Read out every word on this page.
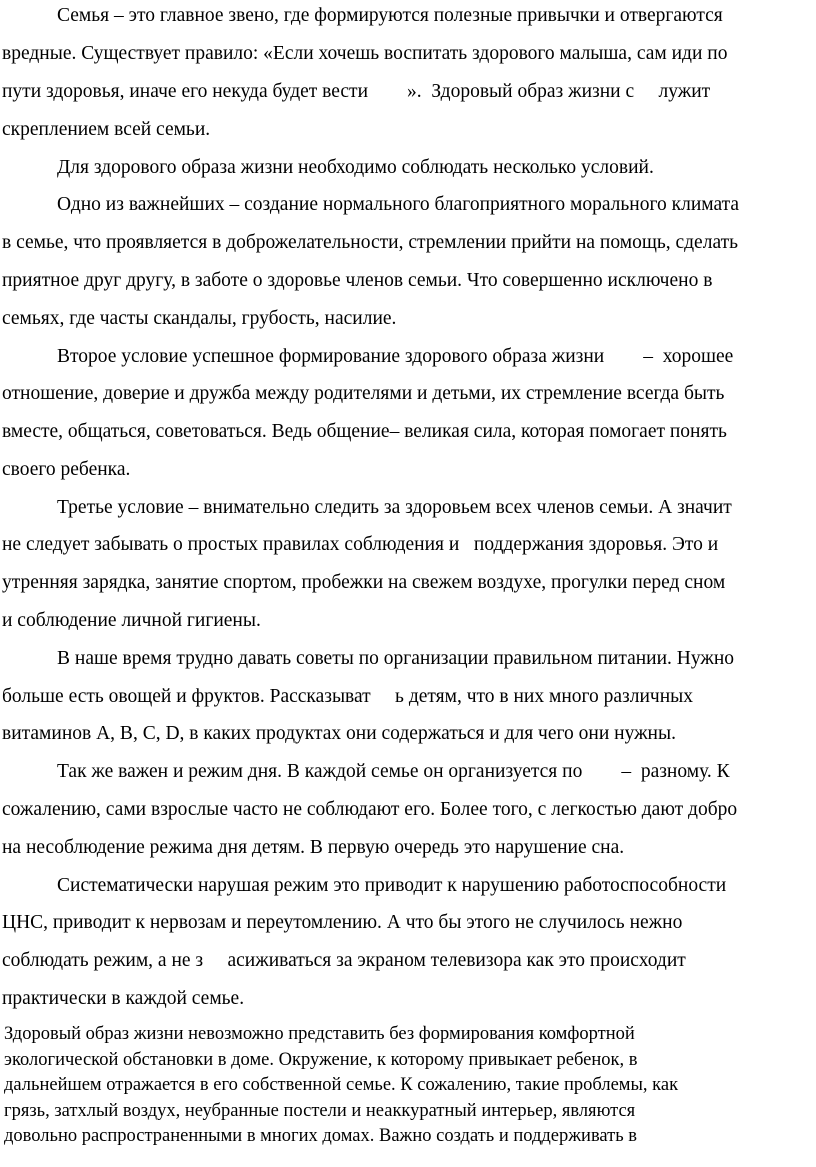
Семья – это главное звено, где формируются полезные привычки и отвергаются
вредные. Существует правило: «Если хочешь воспитать здорового малыша, сам иди по
пути здоровья, иначе его некуда будет вести        ».  Здоровый образ жизни с     лужит
скреплением всей семьи.
Для здорового образа жизни необходимо соблюдать несколько условий.
Одно из важнейших – создание нормального благоприятного морального климата
в семье, что проявляется в доброжелательности, стремлении прийти на помощь, сделать
приятное друг другу, в заботе о здоровье членов семьи. Что совершенно исключено в
семьях, где часты скандалы, грубость, насилие.
Второе условие успешное формирование здорового образа жизни        –  хорошее
отношение, доверие и дружба между родителями и детьми, их стремление всегда быть
вместе, общаться, советоваться. Ведь общение– великая сила, которая помогает понять
своего ребенка.
Третье условие – внимательно следить за здоровьем всех членов семьи. А значит
не следует забывать о простых правилах соблюдения и   поддержания здоровья. Это и
утренняя зарядка, занятие спортом, пробежки на свежем воздухе, прогулки перед сном
и соблюдение личной гигиены.
В наше время трудно давать советы по организации правильном питании. Нужно
больше есть овощей и фруктов. Рассказыват     ь детям, что в них много различных
витаминов А, В, С, D, в каких продуктах они содержаться и для чего они нужны.
Так же важен и режим дня. В каждой семье он организуется по        –  разному. К
сожалению, сами взрослые часто не соблюдают его. Более того, с легкостью дают добро
на несоблюдение режима дня детям. В первую очередь это нарушение сна.
Систематически нарушая режим это приводит к нарушению работоспособности
ЦНС, приводит к нервозам и переутомлению. А что бы этого не случилось нежно
соблюдать режим, а не з     асиживаться за экраном телевизора как это происходит
практически в каждой семье.
Здоровый образ жизни невозможно представить без формирования комфортной
экологической обстановки в доме. Окружение, к которому привыкает ребенок, в
дальнейшем отражается в его собственной семье. К сожалению, такие проблемы, как
грязь, затхлый воздух, неубранные постели и неаккуратный интерьер, являются
довольно распространенными в многих домах. Важно создать и поддерживать в
